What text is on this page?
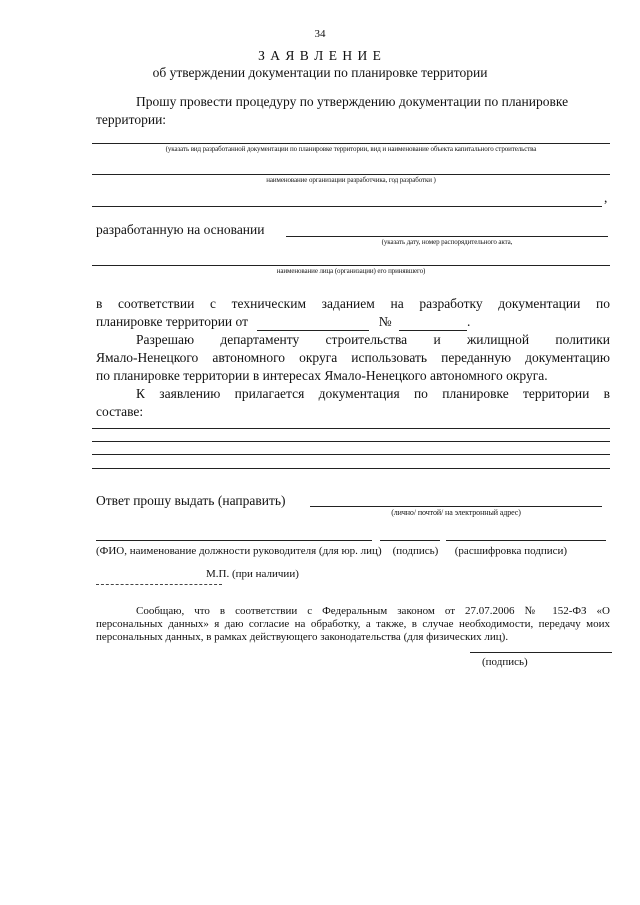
34
З А Я В Л Е Н И Е
об утверждении документации по планировке территории
Прошу провести процедуру по утверждению документации по планировке
территории:
(указать вид разработанной документации по планировке территории, вид и наименование объекта капитального строительства
наименование организации разработчика, год разработки )
,
разработанную на основании
(указать дату, номер распорядительного акта,
наименование лица (организации) его принявшего)
в соответствии с техническим заданием на разработку документации по
планировке территории от	№	.
Разрешаю департаменту строительства и жилищной политики
Ямало-Ненецкого автономного округа использовать переданную документацию
по планировке территории в интересах Ямало-Ненецкого автономного округа.
К заявлению прилагается документация по планировке территории в
составе:
Ответ прошу выдать (направить)
(лично/ почтой/ на электронный адрес)
(ФИО, наименование должности руководителя (для юр. лиц)    (подпись)      (расшифровка подписи)
М.П. (при наличии)
Сообщаю, что в соответствии с Федеральным законом от 27.07.2006 № 152-ФЗ «О
персональных данных» я даю согласие на обработку, а также, в случае необходимости, передачу моих
персональных данных, в рамках действующего законодательства (для физических лиц).
(подпись)
